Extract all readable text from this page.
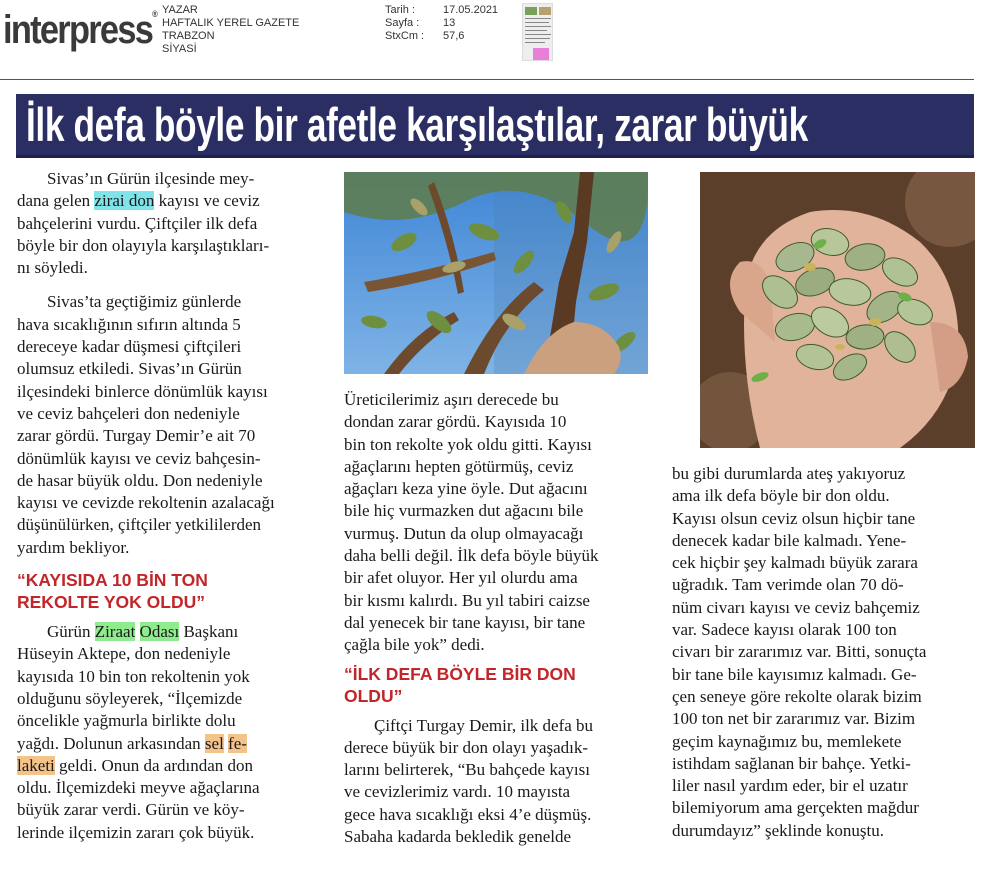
interpress® YAZAR
HAFTALIK YEREL GAZETE
TRABZON
SİYASİ
Tarih :
Sayfa :
StxCm :
17.05.2021
13
57,6
İlk defa böyle bir afetle karşılaştılar, zarar büyük
Sivas’ın Gürün ilçesinde mey-
dana gelen zirai don kayısı ve ceviz
bahçelerini vurdu. Çiftçiler ilk defa
böyle bir don olayıyla karşılaştıkları-
nı söyledi.
Sivas’ta geçtiğimiz günlerde
hava sıcaklığının sıfırın altında 5
dereceye kadar düşmesi çiftçileri
olumsuz etkiledi. Sivas’ın Gürün
ilçesindeki binlerce dönümlük kayısı
ve ceviz bahçeleri don nedeniyle
zarar gördü. Turgay Demir’e ait 70
dönümlük kayısı ve ceviz bahçesin-
de hasar büyük oldu. Don nedeniyle
kayısı ve cevizde rekoltenin azalacağı
düşünülürken, çiftçiler yetkililerden
yardım bekliyor.
“KAYISIDA 10 BİN TON
REKOLTE YOK OLDU”
Gürün Ziraat Odası Başkanı
Hüseyin Aktepe, don nedeniyle
kayısıda 10 bin ton rekoltenin yok
olduğunu söyleyerek, “İlçemizde
öncelikle yağmurla birlikte dolu
yağdı. Dolunun arkasından sel fe-
laketi geldi. Onun da ardından don
oldu. İlçemizdeki meyve ağaçlarına
büyük zarar verdi. Gürün ve köy-
lerinde ilçemizin zararı çok büyük.
Üreticilerimiz aşırı derecede bu
dondan zarar gördü. Kayısıda 10
bin ton rekolte yok oldu gitti. Kayısı
ağaçlarını hepten götürmüş, ceviz
ağaçları keza yine öyle. Dut ağacını
bile hiç vurmazken dut ağacını bile
vurmuş. Dutun da olup olmayacağı
daha belli değil. İlk defa böyle büyük
bir afet oluyor. Her yıl olurdu ama
bir kısmı kalırdı. Bu yıl tabiri caizse
dal yenecek bir tane kayısı, bir tane
çağla bile yok” dedi.
“İLK DEFA BÖYLE BİR DON
OLDU”
Çiftçi Turgay Demir, ilk defa bu
derece büyük bir don olayı yaşadık-
larını belirterek, “Bu bahçede kayısı
ve cevizlerimiz vardı. 10 mayısta
gece hava sıcaklığı eksi 4’e düşmüş.
Sabaha kadarda bekledik genelde
bu gibi durumlarda ateş yakıyoruz
ama ilk defa böyle bir don oldu.
Kayısı olsun ceviz olsun hiçbir tane
denecek kadar bile kalmadı. Yene-
cek hiçbir şey kalmadı büyük zarara
uğradık. Tam verimde olan 70 dö-
nüm civarı kayısı ve ceviz bahçemiz
var. Sadece kayısı olarak 100 ton
civarı bir zararımız var. Bitti, sonuçta
bir tane bile kayısımız kalmadı. Ge-
çen seneye göre rekolte olarak bizim
100 ton net bir zararımız var. Bizim
geçim kaynağımız bu, memlekete
istihdam sağlanan bir bahçe. Yetki-
liler nasıl yardım eder, bir el uzatır
bilemiyorum ama gerçekten mağdur
durumdayız” şeklinde konuştu.
